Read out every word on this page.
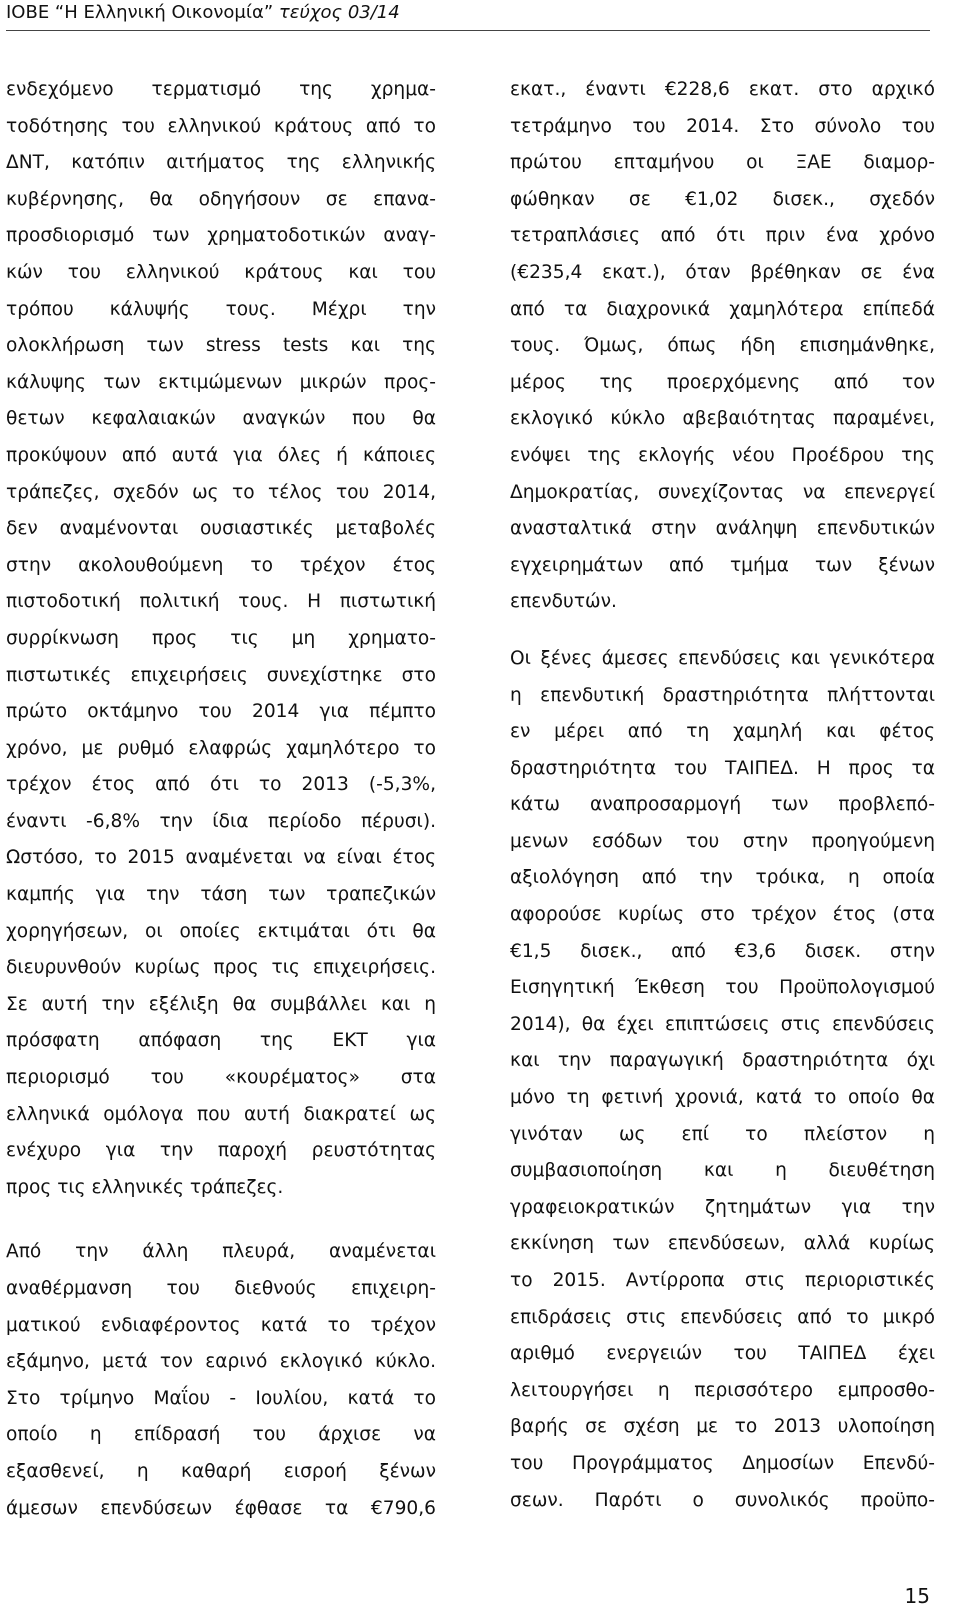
ΙΟΒΕ “Η Ελληνική Οικονομία” τεύχος 03/14
ενδεχόμενο τερματισμό της χρημα-
τοδότησης του ελληνικού κράτους από το
ΔΝΤ, κατόπιν αιτήματος της ελληνικής
κυβέρνησης, θα οδηγήσουν σε επανα-
προσδιορισμό των χρηματοδοτικών αναγ-
κών του ελληνικού κράτους και του
τρόπου κάλυψής τους. Μέχρι την
ολοκλήρωση των stress tests και της
κάλυψης των εκτιμώμενων μικρών προς-
θετων κεφαλαιακών αναγκών που θα
προκύψουν από αυτά για όλες ή κάποιες
τράπεζες, σχεδόν ως το τέλος του 2014,
δεν αναμένονται ουσιαστικές μεταβολές
στην ακολουθούμενη το τρέχον έτος
πιστοδοτική πολιτική τους. Η πιστωτική
συρρίκνωση προς τις μη χρηματο-
πιστωτικές επιχειρήσεις συνεχίστηκε στο
πρώτο οκτάμηνο του 2014 για πέμπτο
χρόνο, με ρυθμό ελαφρώς χαμηλότερο το
τρέχον έτος από ότι το 2013 (-5,3%,
έναντι -6,8% την ίδια περίοδο πέρυσι).
Ωστόσο, το 2015 αναμένεται να είναι έτος
καμπής για την τάση των τραπεζικών
χορηγήσεων, οι οποίες εκτιμάται ότι θα
διευρυνθούν κυρίως προς τις επιχειρήσεις.
Σε αυτή την εξέλιξη θα συμβάλλει και η
πρόσφατη απόφαση της ΕΚΤ για
περιορισμό του «κουρέματος» στα
ελληνικά ομόλογα που αυτή διακρατεί ως
ενέχυρο για την παροχή ρευστότητας
προς τις ελληνικές τράπεζες.
Από την άλλη πλευρά, αναμένεται
αναθέρμανση του διεθνούς επιχειρη-
ματικού ενδιαφέροντος κατά το τρέχον
εξάμηνο, μετά τον εαρινό εκλογικό κύκλο.
Στο τρίμηνο Μαΐου - Ιουλίου, κατά το
οποίο η επίδρασή του άρχισε να
εξασθενεί, η καθαρή εισροή ξένων
άμεσων επενδύσεων έφθασε τα €790,6
εκατ., έναντι €228,6 εκατ. στο αρχικό
τετράμηνο του 2014. Στο σύνολο του
πρώτου επταμήνου οι ΞΑΕ διαμορ-
φώθηκαν σε €1,02 δισεκ., σχεδόν
τετραπλάσιες από ότι πριν ένα χρόνο
(€235,4 εκατ.), όταν βρέθηκαν σε ένα
από τα διαχρονικά χαμηλότερα επίπεδά
τους. Όμως, όπως ήδη επισημάνθηκε,
μέρος της προερχόμενης από τον
εκλογικό κύκλο αβεβαιότητας παραμένει,
ενόψει της εκλογής νέου Προέδρου της
Δημοκρατίας, συνεχίζοντας να επενεργεί
ανασταλτικά στην ανάληψη επενδυτικών
εγχειρημάτων από τμήμα των ξένων
επενδυτών.
Οι ξένες άμεσες επενδύσεις και γενικότερα
η επενδυτική δραστηριότητα πλήττονται
εν μέρει από τη χαμηλή και φέτος
δραστηριότητα του ΤΑΙΠΕΔ. Η προς τα
κάτω αναπροσαρμογή των προβλεπό-
μενων εσόδων του στην προηγούμενη
αξιολόγηση από την τρόικα, η οποία
αφορούσε κυρίως στο τρέχον έτος (στα
€1,5 δισεκ., από €3,6 δισεκ. στην
Εισηγητική Έκθεση του Προϋπολογισμού
2014), θα έχει επιπτώσεις στις επενδύσεις
και την παραγωγική δραστηριότητα όχι
μόνο τη φετινή χρονιά, κατά το οποίο θα
γινόταν ως επί το πλείστον η
συμβασιοποίηση και η διευθέτηση
γραφειοκρατικών ζητημάτων για την
εκκίνηση των επενδύσεων, αλλά κυρίως
το 2015. Αντίρροπα στις περιοριστικές
επιδράσεις στις επενδύσεις από το μικρό
αριθμό ενεργειών του ΤΑΙΠΕΔ έχει
λειτουργήσει η περισσότερο εμπροσθο-
βαρής σε σχέση με το 2013 υλοποίηση
του Προγράμματος Δημοσίων Επενδύ-
σεων. Παρότι ο συνολικός προϋπο-
15
